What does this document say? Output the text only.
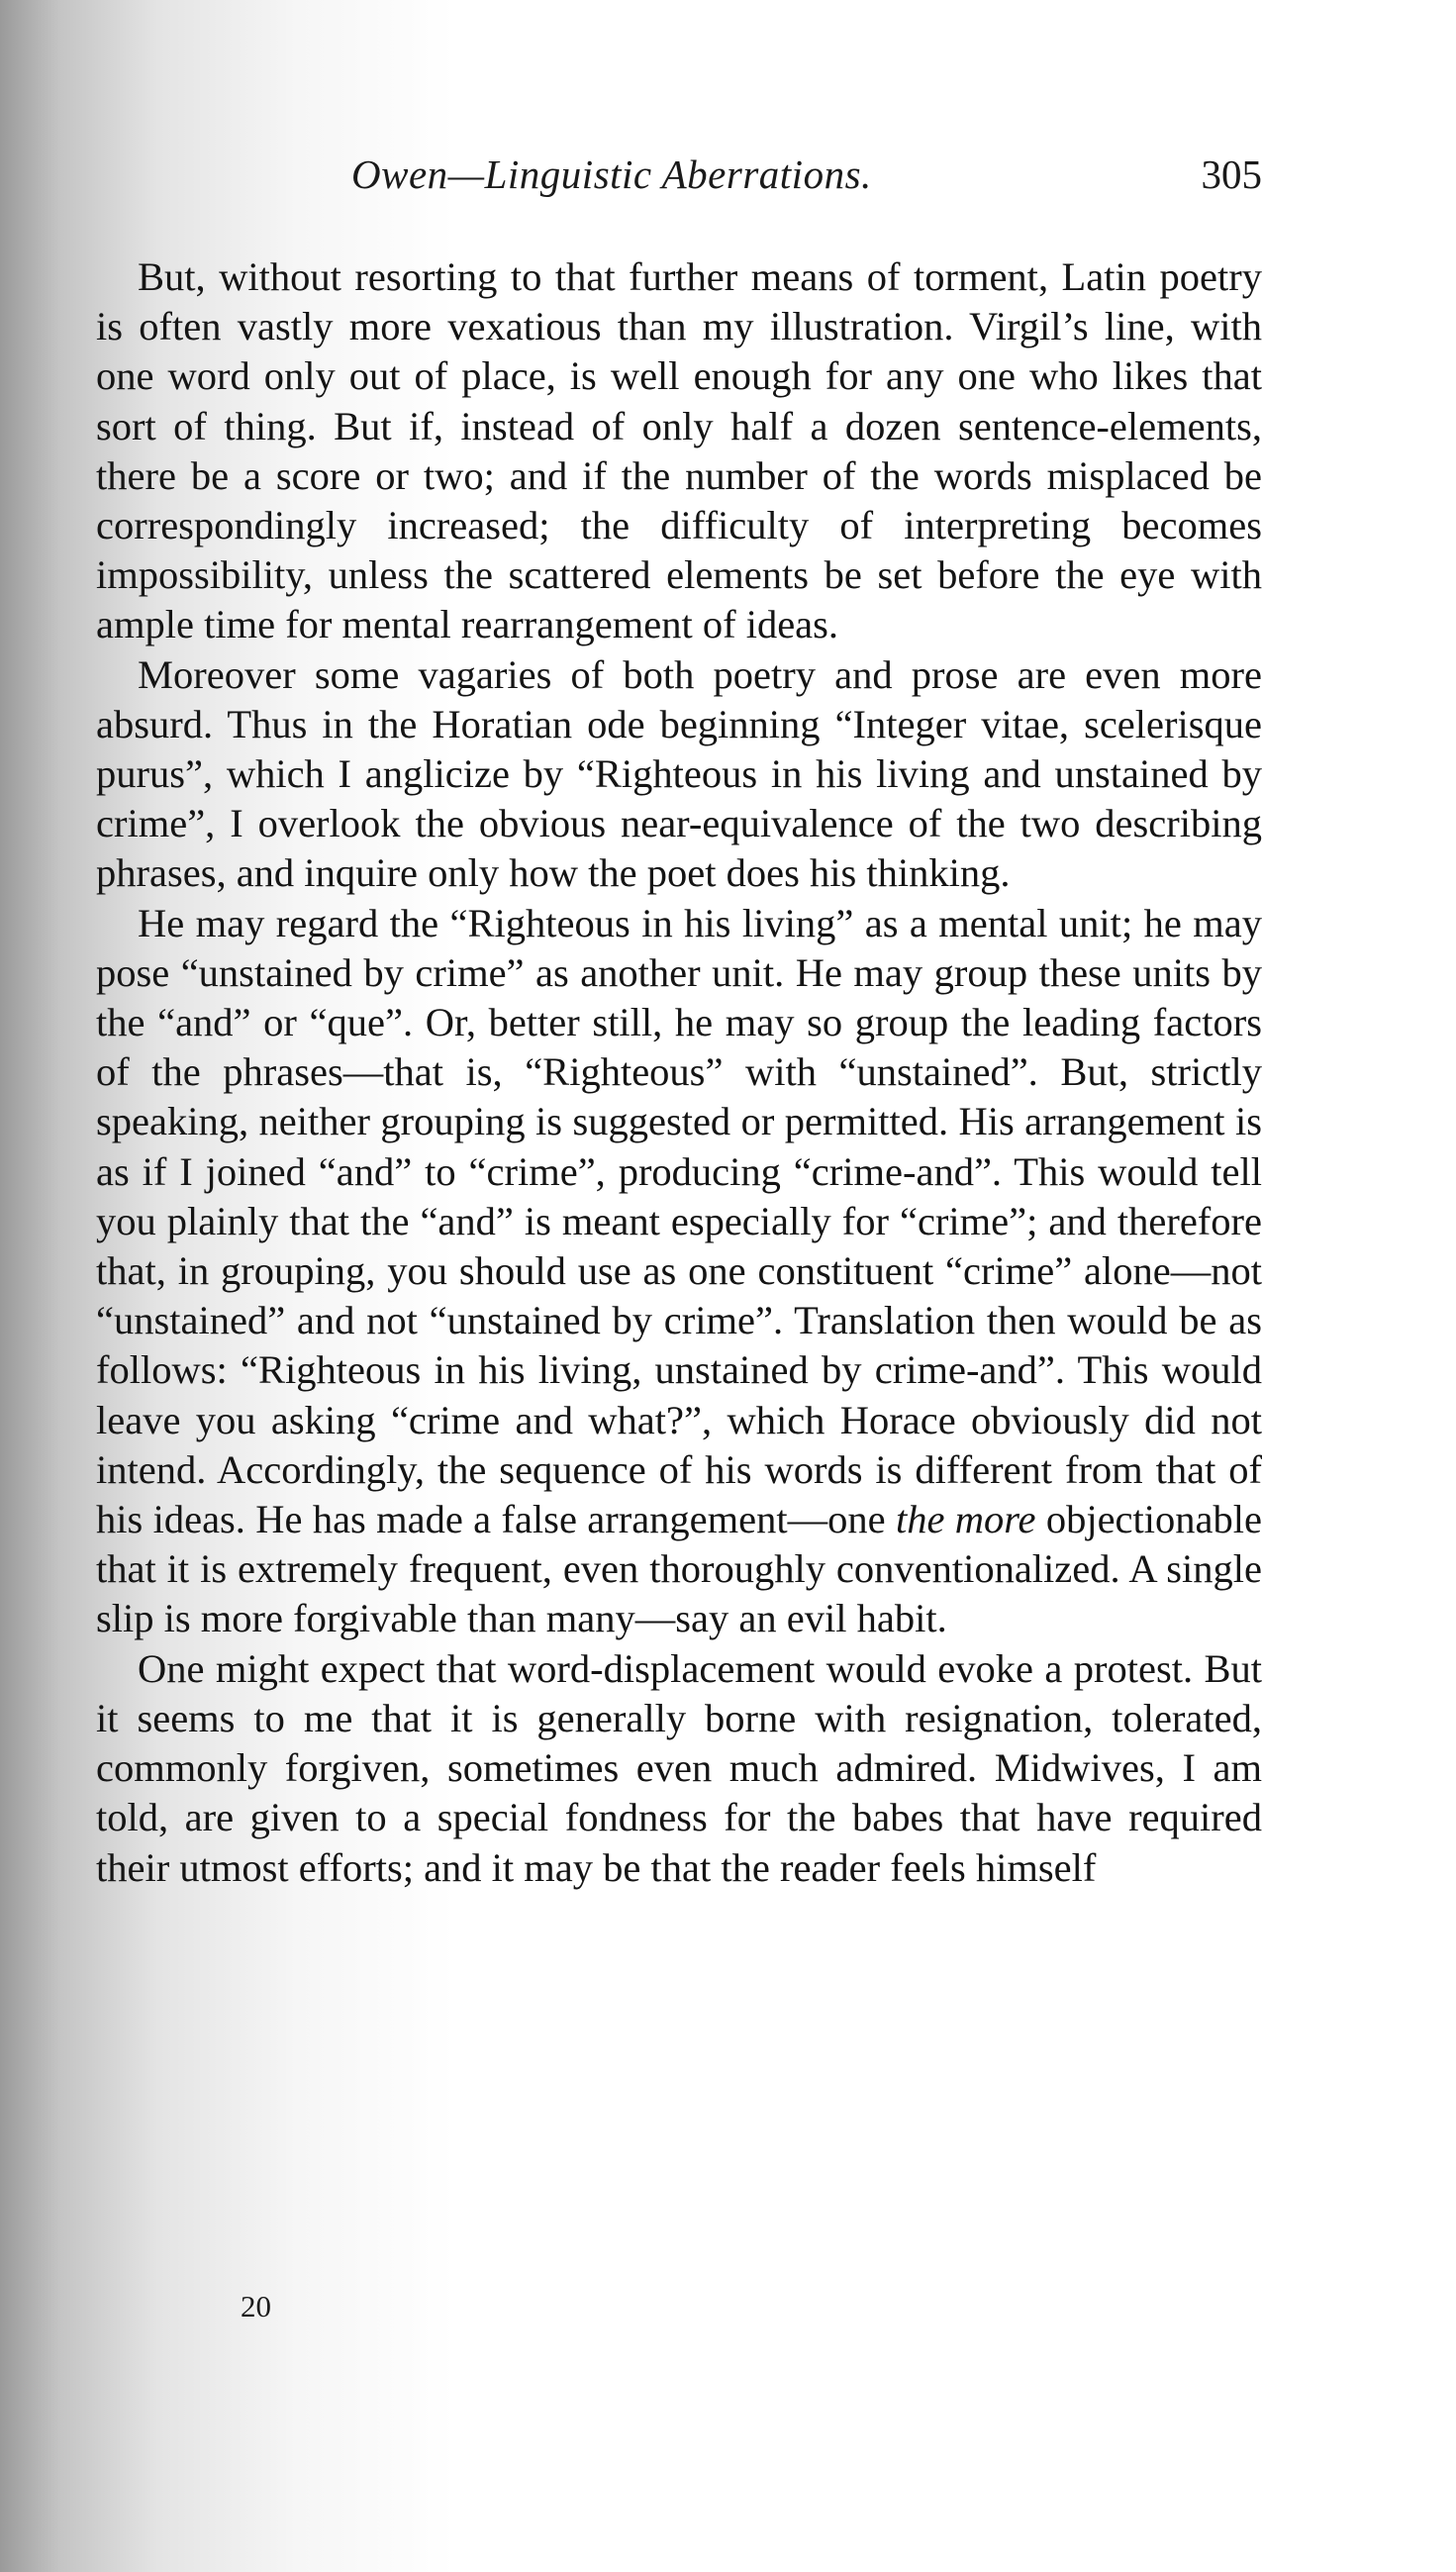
Owen—Linguistic Aberrations.	305

But, without resorting to that further means of torment, Latin poetry is often vastly more vexatious than my illustration. Virgil’s line, with one word only out of place, is well enough for any one who likes that sort of thing. But if, instead of only half a dozen sentence-elements, there be a score or two; and if the number of the words misplaced be correspondingly increased; the difficulty of interpreting becomes impossibility, unless the scattered elements be set before the eye with ample time for mental rearrangement of ideas.

Moreover some vagaries of both poetry and prose are even more absurd. Thus in the Horatian ode beginning “Integer vitae, scelerisque purus”, which I anglicize by “Righteous in his living and unstained by crime”, I overlook the obvious near-equivalence of the two describing phrases, and inquire only how the poet does his thinking.

He may regard the “Righteous in his living” as a mental unit; he may pose “unstained by crime” as another unit. He may group these units by the “and” or “que”. Or, better still, he may so group the leading factors of the phrases—that is, “Righteous” with “unstained”. But, strictly speaking, neither grouping is suggested or permitted. His arrangement is as if I joined “and” to “crime”, producing “crime-and”. This would tell you plainly that the “and” is meant especially for “crime”; and therefore that, in grouping, you should use as one constituent “crime” alone—not “unstained” and not “unstained by crime”. Translation then would be as follows: “Righteous in his living, unstained by crime-and”. This would leave you asking “crime and what?”, which Horace obviously did not intend. Accordingly, the sequence of his words is different from that of his ideas. He has made a false arrangement—one the more objectionable that it is extremely frequent, even thoroughly conventionalized. A single slip is more forgivable than many—say an evil habit.

One might expect that word-displacement would evoke a protest. But it seems to me that it is generally borne with resignation, tolerated, commonly forgiven, sometimes even much admired. Midwives, I am told, are given to a special fondness for the babes that have required their utmost efforts; and it may be that the reader feels himself

20
